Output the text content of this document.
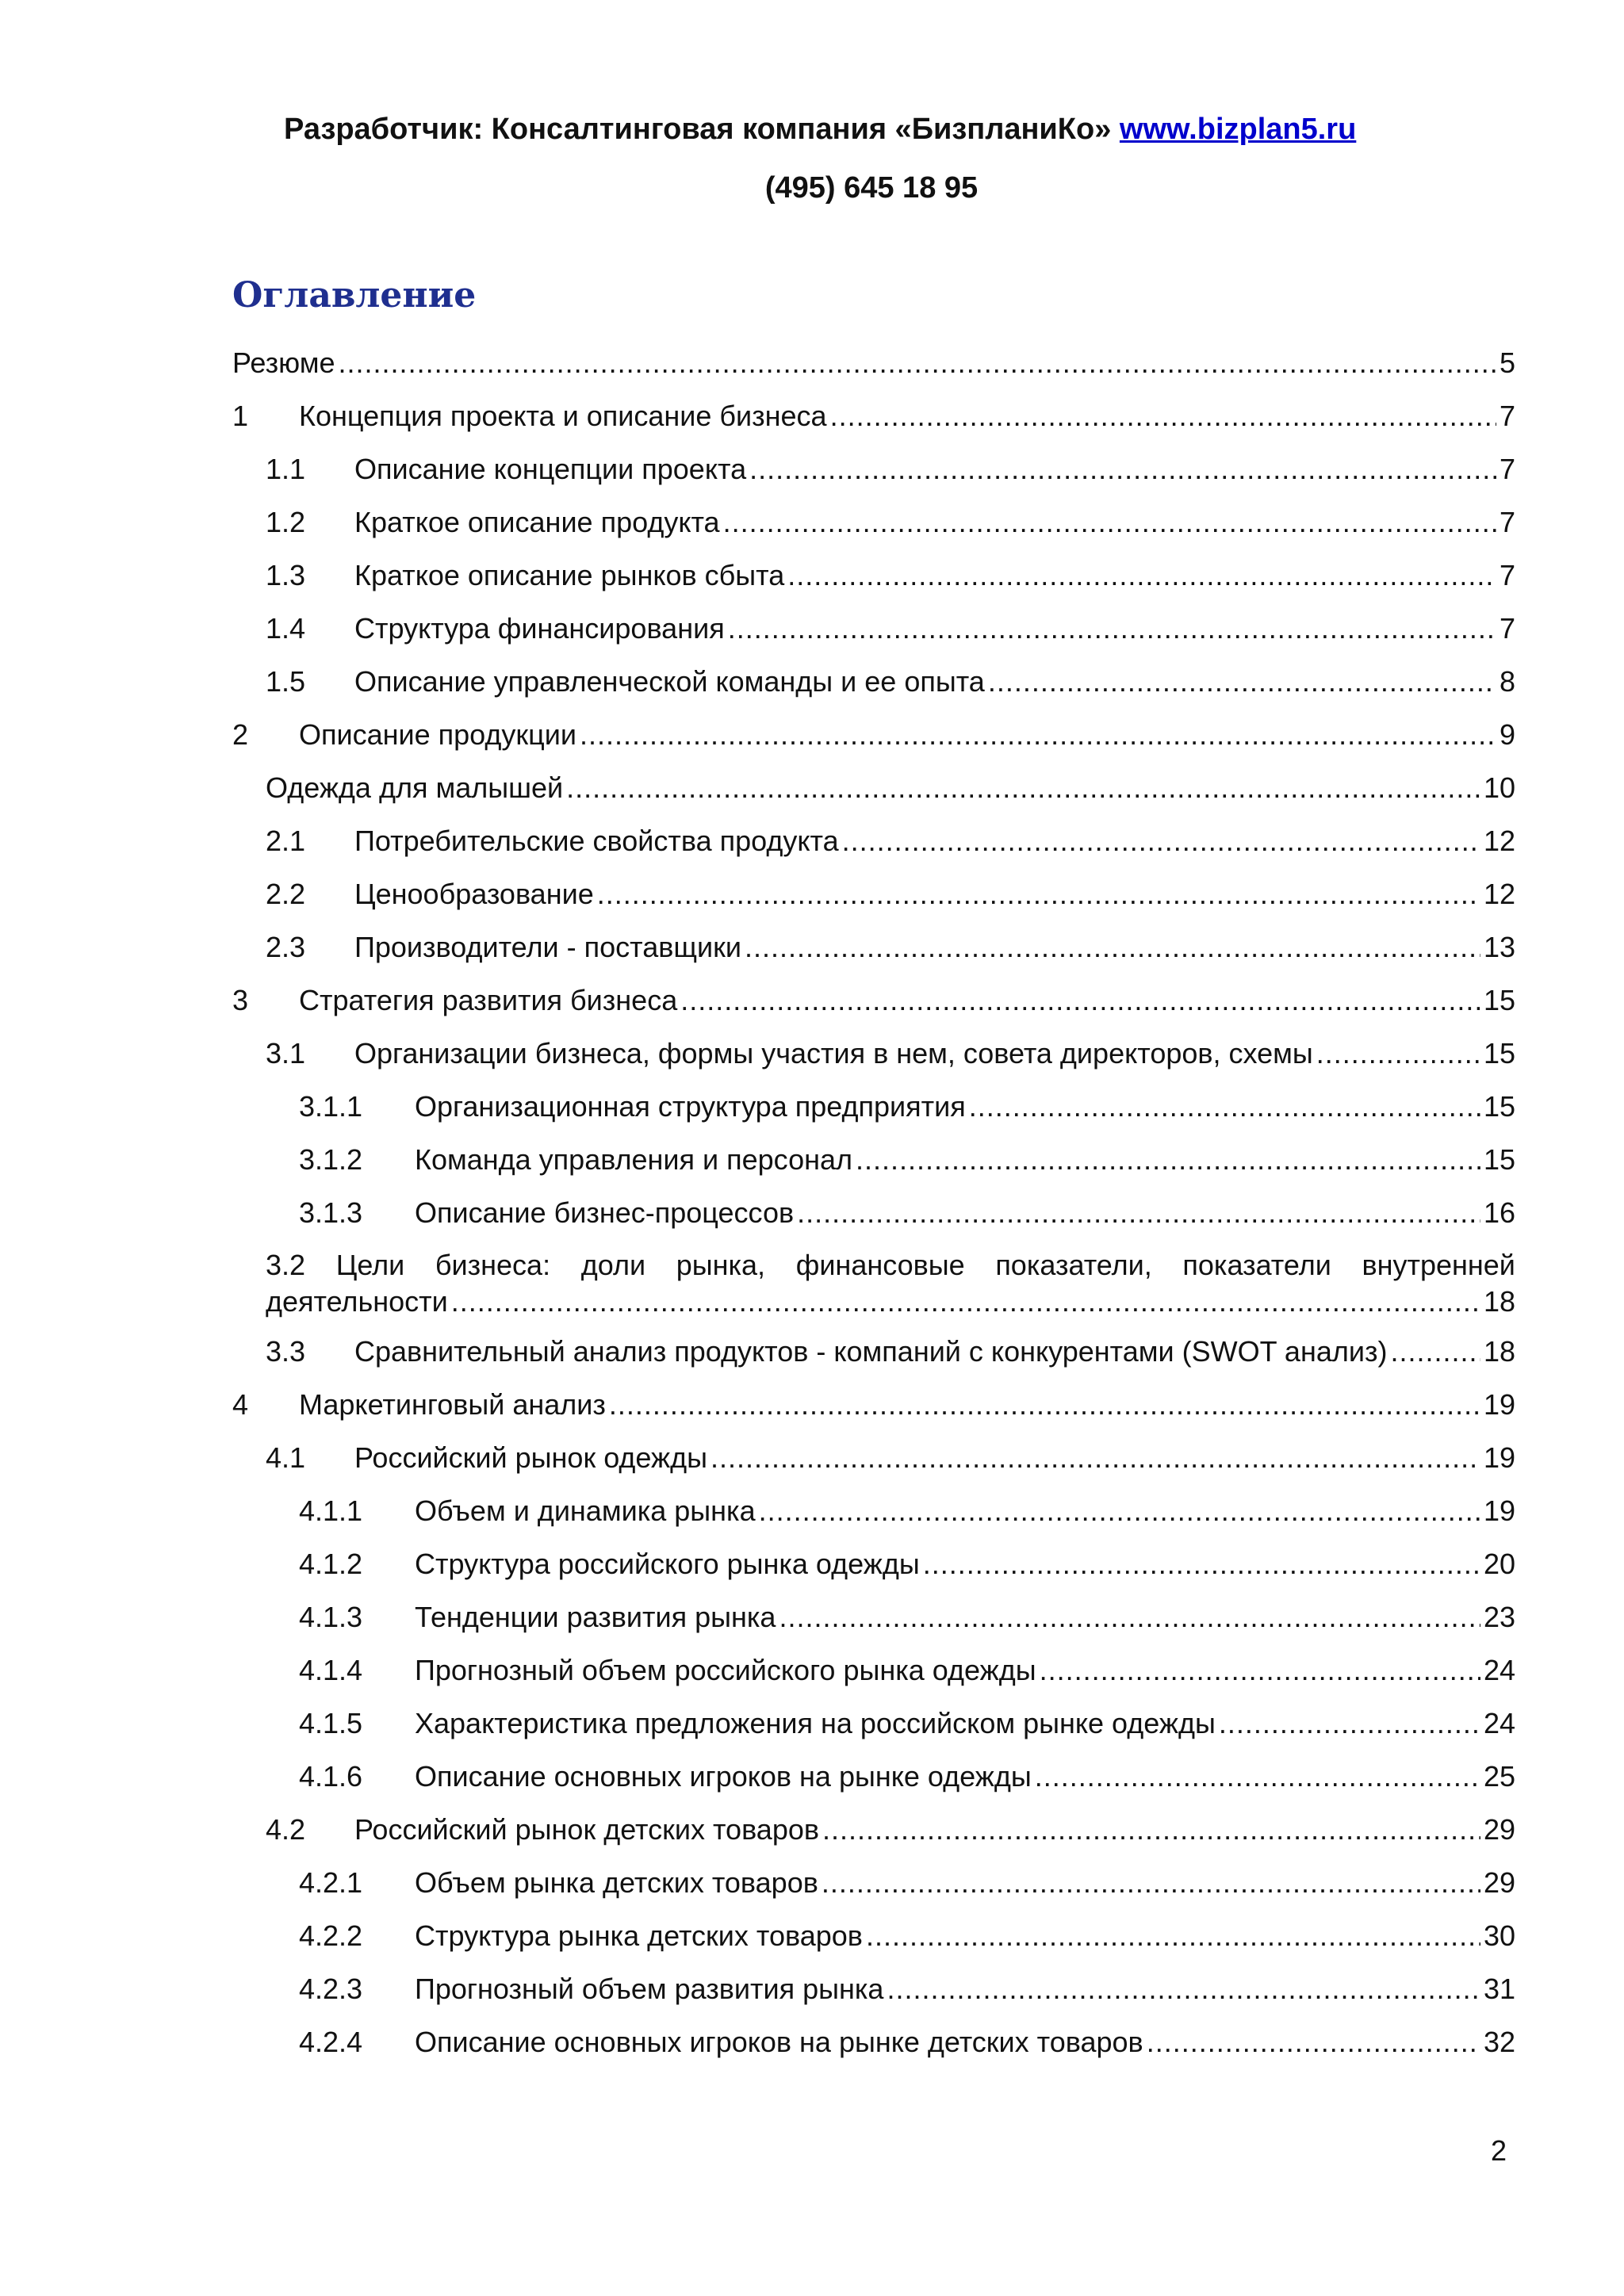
Разработчик: Консалтинговая компания «БизпланиКо» www.bizplan5.ru
(495) 645 18 95
Оглавление
Резюме .....	5
1 Концепция проекта и описание бизнеса .....	7
1.1 Описание концепции проекта .....	7
1.2 Краткое описание продукта .....	7
1.3 Краткое описание рынков сбыта .....	7
1.4 Структура финансирования .....	7
1.5 Описание управленческой команды и ее опыта .....	8
2 Описание продукции .....	9
Одежда для малышей .....	10
2.1 Потребительские свойства продукта .....	12
2.2 Ценообразование .....	12
2.3 Производители - поставщики .....	13
3 Стратегия развития бизнеса .....	15
3.1 Организации бизнеса, формы участия в нем, совета директоров, схемы .....	15
3.1.1 Организационная структура предприятия .....	15
3.1.2 Команда управления и персонал .....	15
3.1.3 Описание бизнес-процессов .....	16
3.2 Цели бизнеса: доли рынка, финансовые показатели, показатели внутренней
деятельности .....	18
3.3 Сравнительный анализ продуктов - компаний с конкурентами (SWOT анализ) .....	18
4 Маркетинговый анализ .....	19
4.1 Российский рынок одежды .....	19
4.1.1 Объем и динамика рынка .....	19
4.1.2 Структура российского рынка одежды .....	20
4.1.3 Тенденции развития рынка .....	23
4.1.4 Прогнозный объем российского рынка одежды .....	24
4.1.5 Характеристика предложения на российском рынке одежды .....	24
4.1.6 Описание основных игроков на рынке одежды .....	25
4.2 Российский рынок детских товаров .....	29
4.2.1 Объем рынка детских товаров .....	29
4.2.2 Структура рынка детских товаров .....	30
4.2.3 Прогнозный объем развития рынка .....	31
4.2.4 Описание основных игроков на рынке детских товаров .....	32
2
